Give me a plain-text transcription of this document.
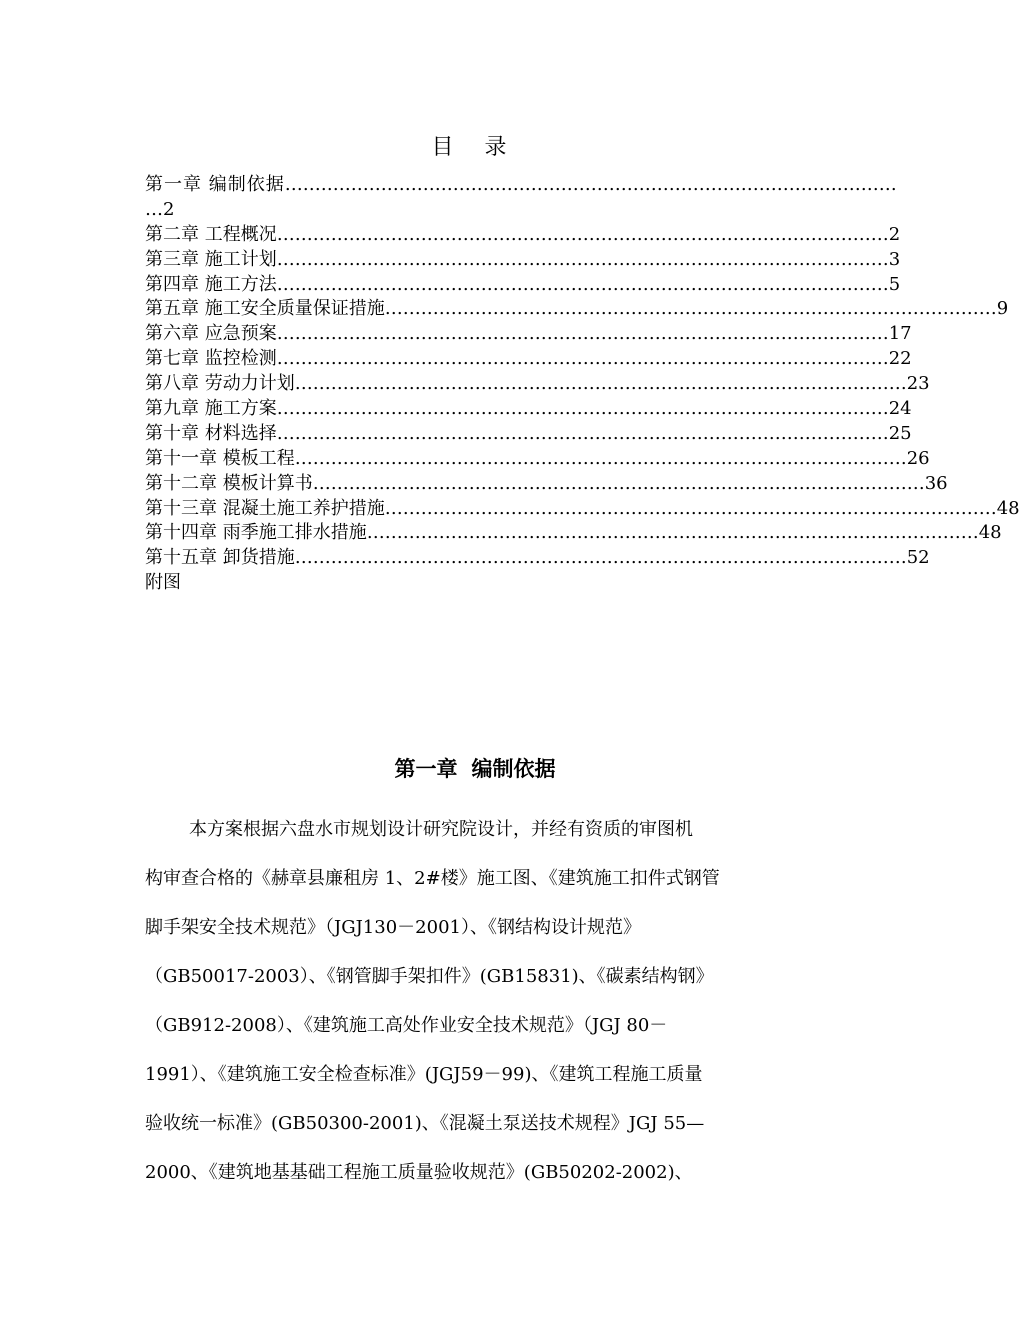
目 录
第一章 编制依据 …………………………………………………………………………………………
…2
第二章 工程概况 ………………………………………………………………………………………… 2
第三章 施工计划 ………………………………………………………………………………………… 3
第四章 施工方法 ………………………………………………………………………………………… 5
第五章 施工安全质量保证措施 ………………………………………………………………………………………… 9
第六章 应急预案 ………………………………………………………………………………………… 17
第七章 监控检测 ………………………………………………………………………………………… 22
第八章 劳动力计划 ………………………………………………………………………………………… 23
第九章 施工方案 ………………………………………………………………………………………… 24
第十章 材料选择 ………………………………………………………………………………………… 25
第十一章 模板工程 ………………………………………………………………………………………… 26
第十二章 模板计算书 ………………………………………………………………………………………… 36
第十三章 混凝土施工养护措施 ………………………………………………………………………………………… 48
第十四章 雨季施工排水措施 ………………………………………………………………………………………… 48
第十五章 卸货措施 ………………………………………………………………………………………… 52
附图
第一章 编制依据
本方案根据六盘水市规划设计研究院设计，并经有资质的审图机
构审查合格的《赫章县廉租房 1、2#楼》施工图、《建筑施工扣件式钢管
脚手架安全技术规范》（JGJ130－2001）、《钢结构设计规范》
（GB50017-2003）、《钢管脚手架扣件》(GB15831)、《碳素结构钢》
（GB912-2008）、《建筑施工高处作业安全技术规范》（JGJ 80－
1991）、《建筑施工安全检查标准》(JGJ59－99)、《建筑工程施工质量
验收统一标准》(GB50300-2001)、《混凝土泵送技术规程》JGJ 55—
2000、《建筑地基基础工程施工质量验收规范》(GB50202-2002)、
